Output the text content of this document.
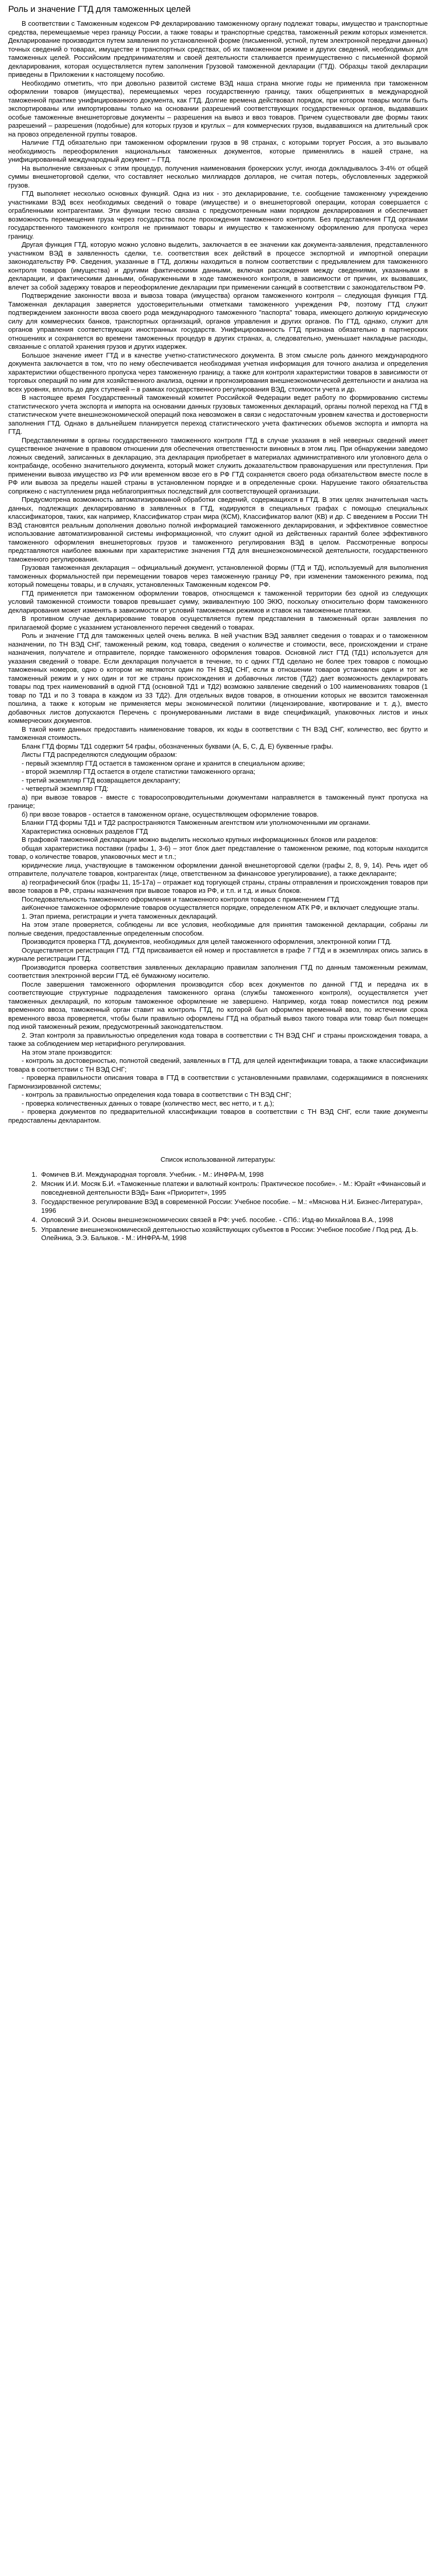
Роль и значение ГТД для таможенных целей

В соответствии с Таможенным кодексом РФ декларированию таможенному органу подлежат товары, имущество и транспортные средства, перемещаемые через границу России, а также товары и транспортные средства, таможенный режим которых изменяется. Декларирование производится путем заявления по установленной форме (письменной, устной, путем электронной передачи данных) точных сведений о товарах, имуществе и транспортных средствах, об их таможенном режиме и других сведений, необходимых для таможенных целей. Российским предпринимателям и своей деятельности сталкивается преимущественно с письменной формой декларирования, которая осуществляется путем заполнения Грузовой таможенной декларации (ГТД). Образцы такой декларации приведены в Приложении к настоящему пособию.

Необходимо отметить, что при довольно развитой системе ВЭД наша страна многие годы не применяла при таможенном оформлении товаров (имущества), перемещаемых через государственную границу, таких общепринятых в международной таможенной практике унифицированного документа, как ГТД. Долгие времена действовал порядок, при котором товары могли быть экспортированы или импортированы только на основании разрешений соответствующих государственных органов, выдававших особые таможенные внешнеторговые документы – разрешения на вывоз и ввоз товаров. Причем существовали две формы таких разрешений – разрешения (подобные) для которых грузов и круглых – для коммерческих грузов, выдававшихся на длительный срок на провоз определенной группы товаров.

Наличие ГТД обязательно при таможенном оформлении грузов в 98 странах, с которыми торгует Россия, а это вызывало необходимость переоформления национальных таможенных документов, которые применялись в нашей стране, на унифицированный международный документ – ГТД.

На выполнение связанных с этим процедур, получения наименования брокерских услуг, иногда докладывалось 3-4% от общей суммы внешнеторговой сделки, что составляет несколько миллиардов долларов, не считая потерь, обусловленных задержкой грузов.

ГТД выполняет несколько основных функций. Одна из них - это декларирование, т.е. сообщение таможенному учреждению участниками ВЭД всех необходимых сведений о товаре (имуществе) и о внешнеторговой операции, которая совершается с ограбленными контрагентами. Эти функции тесно связана с предусмотренным нами порядком декларирования и обеспечивает возможность перемещения груза через государства после прохождения таможенного контроля. Без представления ГТД органами государственного таможенного контроля не принимают товары и имущество к таможенному оформлению для пропуска через границу.

Другая функция ГТД, которую можно условно выделить, заключается в ее значении как документа-заявления, представленного участником ВЭД в заявленность сделки, т.е. соответствия всех действий в процессе экспортной и импортной операции законодательству РФ. Сведения, указанные в ГТД, должны находиться в полном соответствии с предъявлением для таможенного контроля товаров (имущества) и другими фактическими данными, включая расхождения между сведениями, указанными в декларации, и фактическими данными, обнаруженными в ходе таможенного контроля, в зависимости от причин, их вызвавших, влечет за собой задержку товаров и переоформление декларации при применении санкций в соответствии с законодательством РФ.

Подтверждение законности ввоза и вывоза товара (имущества) органом таможенного контроля – следующая функция ГТД. Таможенная декларация заверяется удостоверительными отметками таможенного учреждения РФ, поэтому ГТД служит подтверждением законности ввоза своего рода международного таможенного "паспорта" товара, имеющего должную юридическую силу для коммерческих банков, транспортных организаций, органов управления и других органов. По ГТД, однако, служит для органов управления соответствующих иностранных государств. Унифицированность ГТД признана обязательно в партнерских отношениях и сохраняется во времени таможенных процедур в других странах, а, следовательно, уменьшает накладные расходы, связанные с оплатой хранения грузов и других издержек.

Большое значение имеет ГТД и в качестве учетно-статистического документа. В этом смысле роль данного международного документа заключается в том, что по нему обеспечивается необходимая учетная информация для точного анализа и определения характеристики общественного пропуска через таможенную границу, а также для контроля характеристики товаров в зависимости от торговых операций по ним для хозяйственного анализа, оценки и прогнозирования внешнеэкономической деятельности и анализа на всех уровнях, вплоть до двух ступеней – в рамках государственного регулирования ВЭД, стоимости учета и др.

В настоящее время Государственный таможенный комитет Российской Федерации ведет работу по формированию системы статистического учета экспорта и импорта на основании данных грузовых таможенных деклараций, органы полной переход на ГТД в статистическом учете внешнеэкономической операций пока невозможен в связи с недостаточным уровнем качества и достоверности заполнения ГТД. Однако в дальнейшем планируется переход статистического учета фактических объемов экспорта и импорта на ГТД.

Представлениями в органы государственного таможенного контроля ГТД в случае указания в ней неверных сведений имеет существенное значение в правовом отношении для обеспечения ответственности виновных в этом лиц. При обнаружении заведомо ложных сведений, записанных в декларацию, эта декларация приобретает в материалах административного или уголовного дела о контрабанде, особенно значительного документа, который может служить доказательством правонарушения или преступления. При применении вывоза имущество из РФ или временном ввозе его в РФ ГТД сохраняется своего рода обязательством вместе после в РФ или вывоза за пределы нашей страны в установленном порядке и в определенные сроки. Нарушение такого обязательства сопряжено с наступлением ряда неблагоприятных последствий для соответствующей организации.

Предусмотрена возможность автоматизированной обработки сведений, содержащихся в ГТД. В этих целях значительная часть данных, подлежащих декларированию в заявленных в ГТД, кодируются в специальных графах с помощью специальных классификаторов, таких, как например, Классификатор стран мира (КСМ), Классификатор валют (КВ) и др. С введением в России ТН ВЭД становятся реальным дополнения довольно полной информацией таможенного декларирования, и эффективное совместное использование автоматизированной системы информационной, что служит одной из действенных гарантий более эффективного таможенного оформления внешнеторговых грузов и таможенного регулирования ВЭД в целом. Рассмотренные вопросы представляются наиболее важными при характеристике значения ГТД для внешнеэкономической деятельности, государственного таможенного регулирования.

Грузовая таможенная декларация – официальный документ, установленной формы (ГТД и ТД), используемый для выполнения таможенных формальностей при перемещении товаров через таможенную границу РФ, при изменении таможенного режима, под который помещены товары, и в случаях, установленных Таможенным кодексом РФ.

ГТД применяется при таможенном оформлении товаров, относящемся к таможенной территории без одной из следующих условий таможенной стоимости товаров превышает сумму, эквивалентную 100 ЭКЮ, поскольку относительно форм таможенного декларирования может изменять в зависимости от условий таможенных режимов и ставок на таможенные платежи.

В противном случае декларирование товаров осуществляется путем представления в таможенный орган заявления по прилагаемой форме с указанием установленного перечня сведений о товарах.

Роль и значение ГТД для таможенных целей очень велика. В ней участник ВЭД заявляет сведения о товарах и о таможенном назначении, по ТН ВЭД СНГ, таможенный режим, код товара, сведения о количестве и стоимости, весе, происхождении и стране назначения, получателе и отправителе, порядке таможенного оформления товаров. Основной лист ГТД (ТД1) используется для указания сведений о товаре. Если декларация получается в течение, то с одних ГТД сделано не более трех товаров с помощью таможенных номеров, одно о котором не являются один по ТН ВЭД СНГ, если в отношении товаров установлен один и тот же таможенный режим и у них один и тот же страны происхождения и добавочных листов (ТД2) дает возможность декларировать товары под трех наименований в одной ГТД (основной ТД1 и ТД2) возможно заявление сведений о 100 наименованиях товаров (1 товар по ТД1 и по 3 товара в каждом из 33 ТД2). Для отдельных видов товаров, в отношении которых не ввозится таможенная пошлина, а также к которым не применяется меры экономической политики (лицензирование, квотирование и т. д.), вместо добавочных листов допускаются Перечень с пронумерованными листами в виде спецификаций, упаковочных листов и иных коммерческих документов.

В такой книге данных предоставить наименование товаров, их коды в соответствии с ТН ВЭД СНГ, количество, вес брутто и таможенная стоимость.

Бланк ГТД формы ТД1 содержит 54 графы, обозначенных буквами (А, Б, С, Д, Е) буквенные графы.

Листы ГТД распределяются следующим образом:

- первый экземпляр ГТД остается в таможенном органе и хранится в специальном архиве;
- второй экземпляр ГТД остается в отделе статистики таможенного органа;
- третий экземпляр ГТД возвращается декларанту;
- четвертый экземпляр ГТД:
а) при вывозе товаров - вместе с товаросопроводительными документами направляется в таможенный пункт пропуска на границе;
б) при ввозе товаров - остается в таможенном органе, осуществляющем оформление товаров.

Бланки ГТД формы ТД1 и ТД2 распространяются Таможенным агентством или уполномоченными им органами.

Характеристика основных разделов ГТД

В графовой таможенной декларации можно выделить несколько крупных информационных блоков или разделов:

общая характеристика поставки (графы 1, 3-6) – этот блок дает представление о таможенном режиме, под которым находится товар, о количестве товаров, упаковочных мест и т.п.;

юридические лица, участвующие в таможенном оформлении данной внешнеторговой сделки (графы 2, 8, 9, 14). Речь идет об отправителе, получателе товаров, контрагентах (лице, ответственном за финансовое урегулирование), а также декларанте;

а) географический блок (графы 11, 15-17а) – отражает код торгующей страны, страны отправления и происхождения товаров при ввозе товаров в РФ, страны назначения при вывозе товаров из РФ, и т.п. и т.д. и иных блоков.

Последовательность таможенного оформления и таможенного контроля товаров с применением ГТД

аиКонечное таможенное оформление товаров осуществляется порядке, определенном АТК РФ, и включает следующие этапы.

1. Этап приема, регистрации и учета таможенных деклараций.

На этом этапе проверяется, соблюдены ли все условия, необходимые для принятия таможенной декларации, собраны ли полные сведения, предоставленные определенным способом.

Производится проверка ГТД, документов, необходимых для целей таможенного оформления, электронной копии ГТД.

Осуществляется регистрация ГТД. ГТД присваивается ей номер и проставляется в графе 7 ГТД и в экземплярах опись запись в журнале регистрации ГТД.

Производится проверка соответствия заявленных декларацию правилам заполнения ГТД по данным таможенным режимам, соответствия электронной версии ГТД, её бумажному носителю.

После завершения таможенного оформления производится сбор всех документов по данной ГТД и передача их в соответствующие структурные подразделения таможенного органа (службы таможенного контроля), осуществляется учет таможенных деклараций, по которым таможенное оформление не завершено. Например, когда товар поместился под режим временного ввоза, таможенный орган ставит на контроль ГТД, по которой был оформлен временный ввоз, по истечении срока временного ввоза проверяется, чтобы были правильно оформлены ГТД на обратный вывоз такого товара или товар был помещен под иной таможенный режим, предусмотренный законодательством.

2. Этап контроля за правильностью определения кода товара в соответствии с ТН ВЭД СНГ и страны происхождения товара, а также за соблюдением мер нетарифного регулирования.

На этом этапе производится:

- контроль за достоверностью, полнотой сведений, заявленных в ГТД, для целей идентификации товара, а также классификации товара в соответствии с ТН ВЭД СНГ;

- проверка правильности описания товара в ГТД в соответствии с установленными правилами, содержащимися в пояснениях Гармонизированной системы;

- контроль за правильностью определения кода товара в соответствии с ТН ВЭД СНГ;

- проверка количественных данных о товаре (количество мест, вес нетто, и т. д.);

- проверка документов по предварительной классификации товаров в соответствии с ТН ВЭД СНГ, если такие документы предоставлены декларантом.

Список использованной литературы:
1. Фомичев В.И. Международная торговля. Учебник. - М.: ИНФРА-М, 1998
2. Мясник И.И. Мосяк Б.И. «Таможенные платежи и валютный контроль: Практическое пособие». - М.: Юрайт «Финансовый и повседневной деятельности ВЭД» Банк «Приоритет», 1995
3. Государственное регулирование ВЭД в современной России: Учебное пособие. – М.: «Мяснова Н.И. Бизнес-Литература», 1996
4. Орловский Э.И. Основы внешнеэкономических связей в РФ: учеб. пособие. - СПб.: Изд-во Михайлова В.А., 1998
5. Управление внешнеэкономической деятельностью хозяйствующих субъектов в России: Учебное пособие / Под ред. Д.Ь. Олейника, Э.Э. Балыков. - М.: ИНФРА-М, 1998
